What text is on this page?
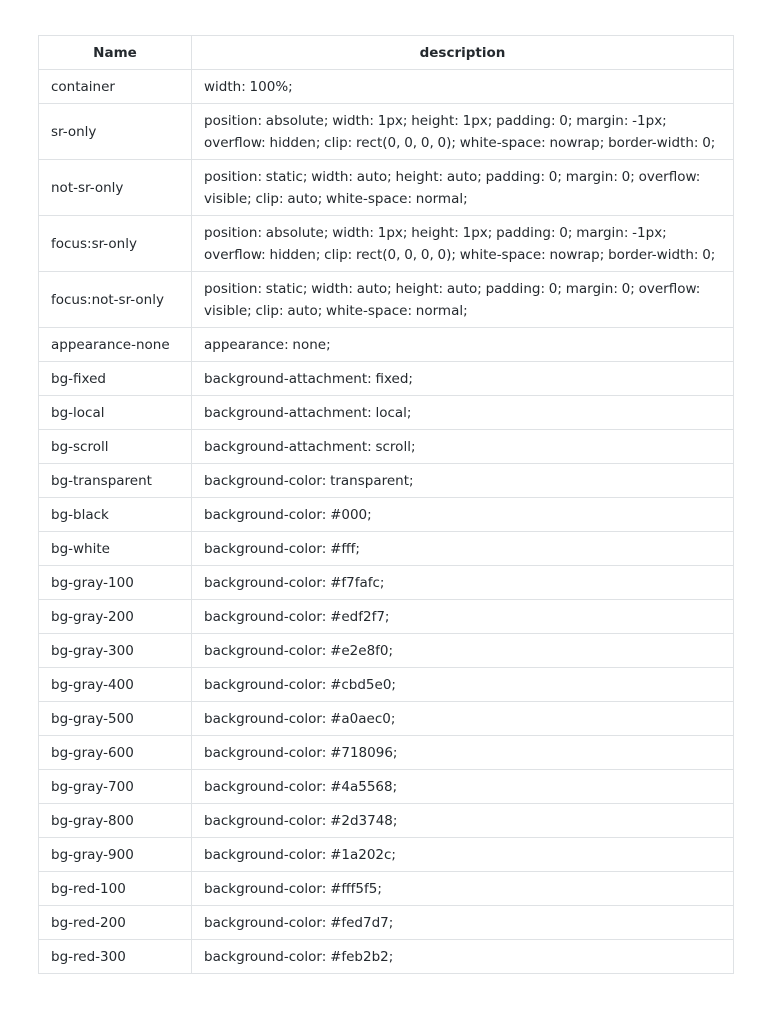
Name	description
container	width: 100%;
sr-only	position: absolute; width: 1px; height: 1px; padding: 0; margin: -1px; overflow: hidden; clip: rect(0, 0, 0, 0); white-space: nowrap; border-width: 0;
not-sr-only	position: static; width: auto; height: auto; padding: 0; margin: 0; overflow: visible; clip: auto; white-space: normal;
focus:sr-only	position: absolute; width: 1px; height: 1px; padding: 0; margin: -1px; overflow: hidden; clip: rect(0, 0, 0, 0); white-space: nowrap; border-width: 0;
focus:not-sr-only	position: static; width: auto; height: auto; padding: 0; margin: 0; overflow: visible; clip: auto; white-space: normal;
appearance-none	appearance: none;
bg-fixed	background-attachment: fixed;
bg-local	background-attachment: local;
bg-scroll	background-attachment: scroll;
bg-transparent	background-color: transparent;
bg-black	background-color: #000;
bg-white	background-color: #fff;
bg-gray-100	background-color: #f7fafc;
bg-gray-200	background-color: #edf2f7;
bg-gray-300	background-color: #e2e8f0;
bg-gray-400	background-color: #cbd5e0;
bg-gray-500	background-color: #a0aec0;
bg-gray-600	background-color: #718096;
bg-gray-700	background-color: #4a5568;
bg-gray-800	background-color: #2d3748;
bg-gray-900	background-color: #1a202c;
bg-red-100	background-color: #fff5f5;
bg-red-200	background-color: #fed7d7;
bg-red-300	background-color: #feb2b2;
